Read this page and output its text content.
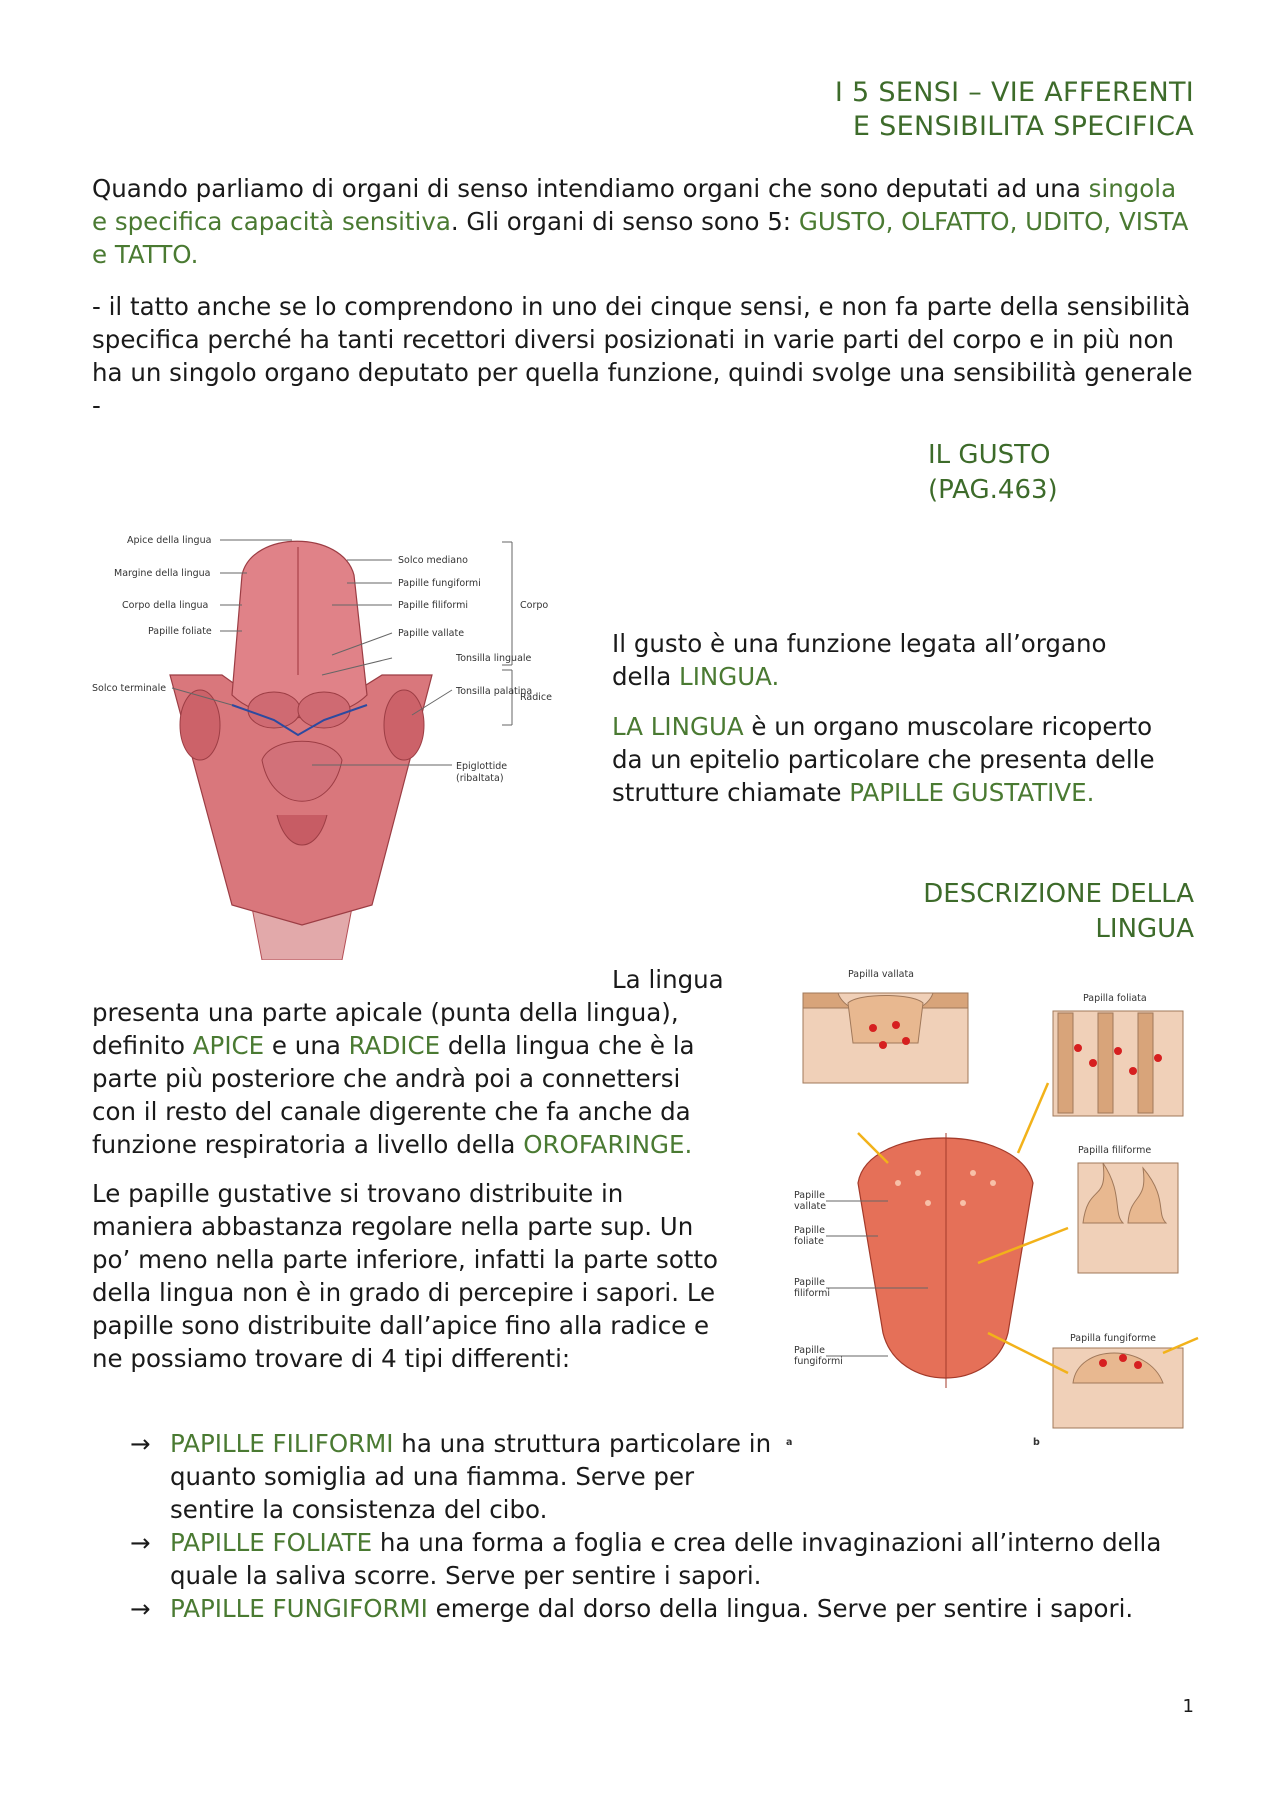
I 5 SENSI – VIE AFFERENTI
E SENSIBILITA SPECIFICA
Quando parliamo di organi di senso intendiamo organi che sono deputati ad una singola e specifica capacità sensitiva. Gli organi di senso sono 5: GUSTO, OLFATTO, UDITO, VISTA e TATTO.
- il tatto anche se lo comprendono in uno dei cinque sensi, e non fa parte della sensibilità specifica perché ha tanti recettori diversi posizionati in varie parti del corpo e in più non ha un singolo organo deputato per quella funzione, quindi svolge una sensibilità generale -
IL GUSTO
(PAG.463)
Apice della lingua
Margine della lingua
Corpo della lingua
Papille foliate
Solco terminale
Solco mediano
Papille fungiformi
Papille filiformi
Papille vallate
Tonsilla linguale
Tonsilla palatina
Epiglottide
(ribaltata)
Corpo
Radice
Il gusto è una funzione legata all’organo della LINGUA.
LA LINGUA è un organo muscolare ricoperto da un epitelio particolare che presenta delle strutture chiamate PAPILLE GUSTATIVE.
DESCRIZIONE DELLA
LINGUA
La lingua
presenta una parte apicale (punta della lingua), definito APICE e una RADICE della lingua che è la parte più posteriore che andrà poi a connettersi con il resto del canale digerente che fa anche da funzione respiratoria a livello della OROFARINGE.
Le papille gustative si trovano distribuite in maniera abbastanza regolare nella parte sup. Un po’ meno nella parte inferiore, infatti la parte sotto della lingua non è in grado di percepire i sapori. Le papille sono distribuite dall’apice fino alla radice e ne possiamo trovare di 4 tipi differenti:
Papilla vallata
Papilla foliata
Papilla filiforme
Papilla fungiforme
Papille
vallate
Papille
foliate
Papille
filiformi
Papille
fungiformi
a	b
→ PAPILLE FILIFORMI ha una struttura particolare in quanto somiglia ad una fiamma. Serve per sentire la consistenza del cibo.
→ PAPILLE FOLIATE ha una forma a foglia e crea delle invaginazioni all’interno della quale la saliva scorre. Serve per sentire i sapori.
→ PAPILLE FUNGIFORMI emerge dal dorso della lingua. Serve per sentire i sapori.
1
